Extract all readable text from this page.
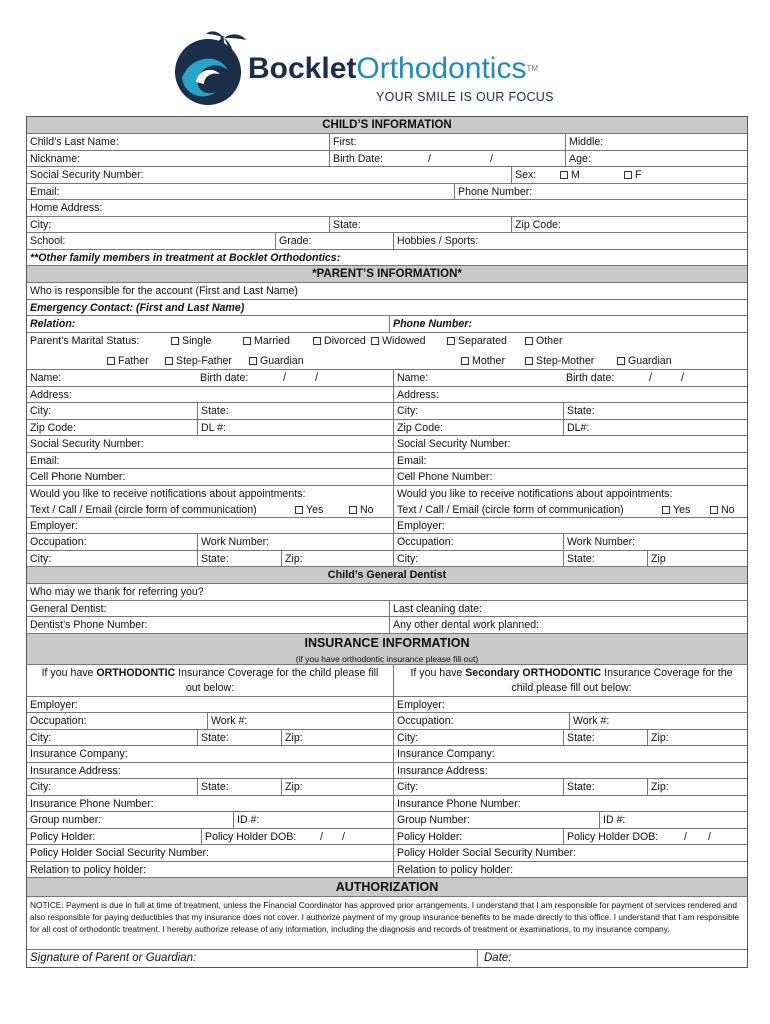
BockletOrthodontics™
YOUR SMILE IS OUR FOCUS
CHILD’S INFORMATION
Child’s Last Name:	First:	Middle:
Nickname:	Birth Date:	/	/	Age:
Social Security Number:	Sex:	M	F
Email:	Phone Number:
Home Address:
City:	State:	Zip Code:
School:	Grade:	Hobbies / Sports:
**Other family members in treatment at Bocklet Orthodontics:
*PARENT’S INFORMATION*
Who is responsible for the account (First and Last Name)
Emergency Contact: (First and Last Name)
Relation:	Phone Number:
Parent’s Marital Status:	Single	Married	Divorced	Widowed	Separated	Other
Father	Step-Father	Guardian	Mother	Step-Mother	Guardian
Name:	Birth date:	/	/	Name:	Birth date:	/	/
Address:	Address:
City:	State:	City:	State:
Zip Code:	DL #:	Zip Code:	DL#:
Social Security Number:	Social Security Number:
Email:	Email:
Cell Phone Number:	Cell Phone Number:
Would you like to receive notifications about appointments:
Text / Call / Email (circle form of communication)	Yes	No
Would you like to receive notifications about appointments:
Text / Call / Email (circle form of communication)	Yes	No
Employer:	Employer:
Occupation:	Work Number:	Occupation:	Work Number:
City:	State:	Zip:	City:	State:	Zip
Child’s General Dentist
Who may we thank for referring you?
General Dentist:	Last cleaning date:
Dentist’s Phone Number:	Any other dental work planned:
INSURANCE INFORMATION
(if you have orthodontic insurance please fill out)
If you have ORTHODONTIC Insurance Coverage for the child please fill out below:
If you have Secondary ORTHODONTIC Insurance Coverage for the child please fill out below:
Employer:	Employer:
Occupation:	Work #:	Occupation:	Work #:
City:	State:	Zip:	City:	State:	Zip:
Insurance Company:	Insurance Company:
Insurance Address:	Insurance Address:
City:	State:	Zip:	City:	State:	Zip:
Insurance Phone Number:	Insurance Phone Number:
Group number:	ID #:	Group Number:	ID #:
Policy Holder:	Policy Holder DOB: / /	Policy Holder:	Policy Holder DOB: / /
Policy Holder Social Security Number:	Policy Holder Social Security Number:
Relation to policy holder:	Relation to policy holder:
AUTHORIZATION
NOTICE: Payment is due in full at time of treatment, unless the Financial Coordinator has approved prior arrangements. I understand that I am responsible for payment of services rendered and also responsible for paying deductibles that my insurance does not cover. I authorize payment of my group insurance benefits to be made directly to this office. I understand that I am responsible for all cost of orthodontic treatment. I hereby authorize release of any information, including the diagnosis and records of treatment or examinations, to my insurance company.
Signature of Parent or Guardian:	Date:
